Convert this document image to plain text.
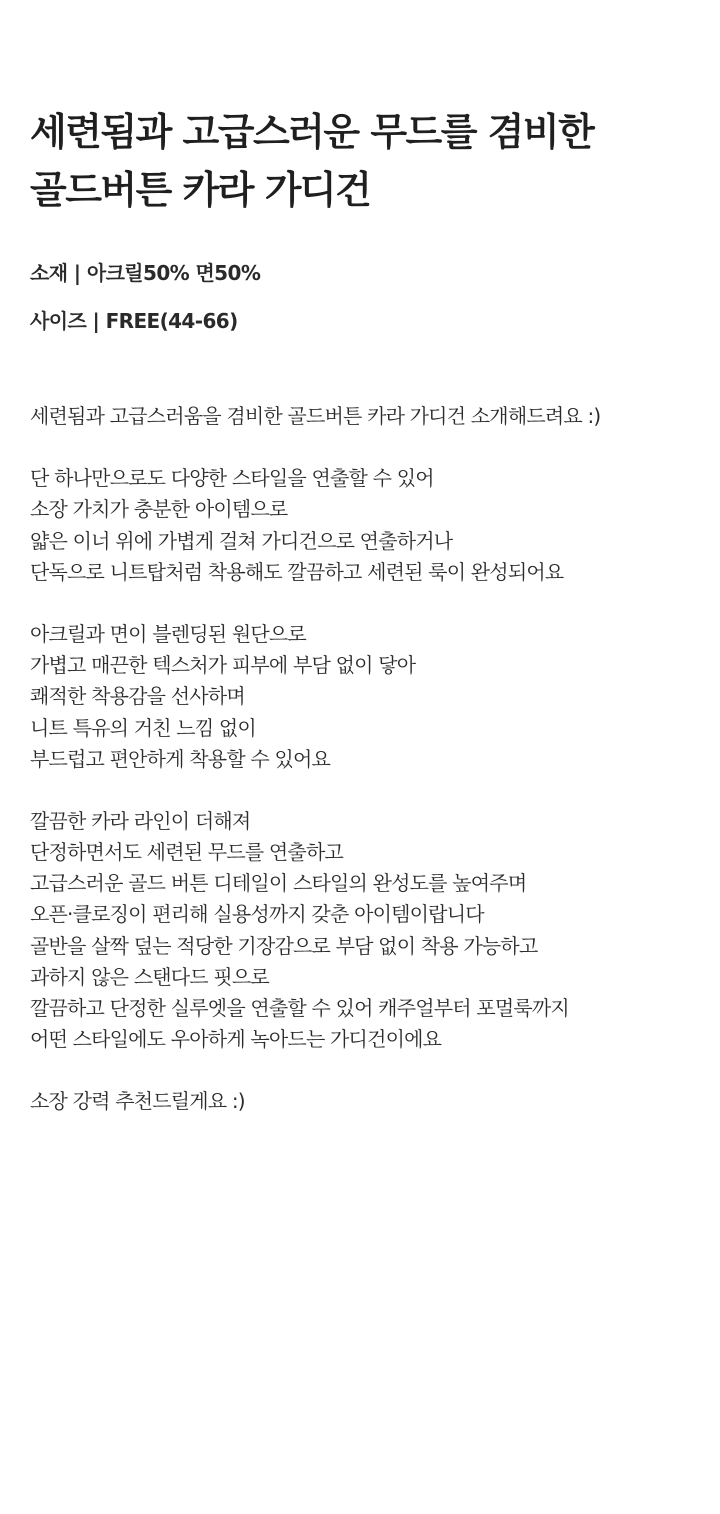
세련됨과 고급스러운 무드를 겸비한
골드버튼 카라 가디건
소재 | 아크릴50% 면50%
사이즈 | FREE(44-66)

세련됨과 고급스러움을 겸비한 골드버튼 카라 가디건 소개해드려요 :)

단 하나만으로도 다양한 스타일을 연출할 수 있어
소장 가치가 충분한 아이템으로
얇은 이너 위에 가볍게 걸쳐 가디건으로 연출하거나
단독으로 니트탑처럼 착용해도 깔끔하고 세련된 룩이 완성되어요

아크릴과 면이 블렌딩된 원단으로
가볍고 매끈한 텍스처가 피부에 부담 없이 닿아
쾌적한 착용감을 선사하며
니트 특유의 거친 느낌 없이
부드럽고 편안하게 착용할 수 있어요

깔끔한 카라 라인이 더해져
단정하면서도 세련된 무드를 연출하고
고급스러운 골드 버튼 디테일이 스타일의 완성도를 높여주며
오픈·클로징이 편리해 실용성까지 갖춘 아이템이랍니다
골반을 살짝 덮는 적당한 기장감으로 부담 없이 착용 가능하고
과하지 않은 스탠다드 핏으로
깔끔하고 단정한 실루엣을 연출할 수 있어 캐주얼부터 포멀룩까지
어떤 스타일에도 우아하게 녹아드는 가디건이에요

소장 강력 추천드릴게요 :)
